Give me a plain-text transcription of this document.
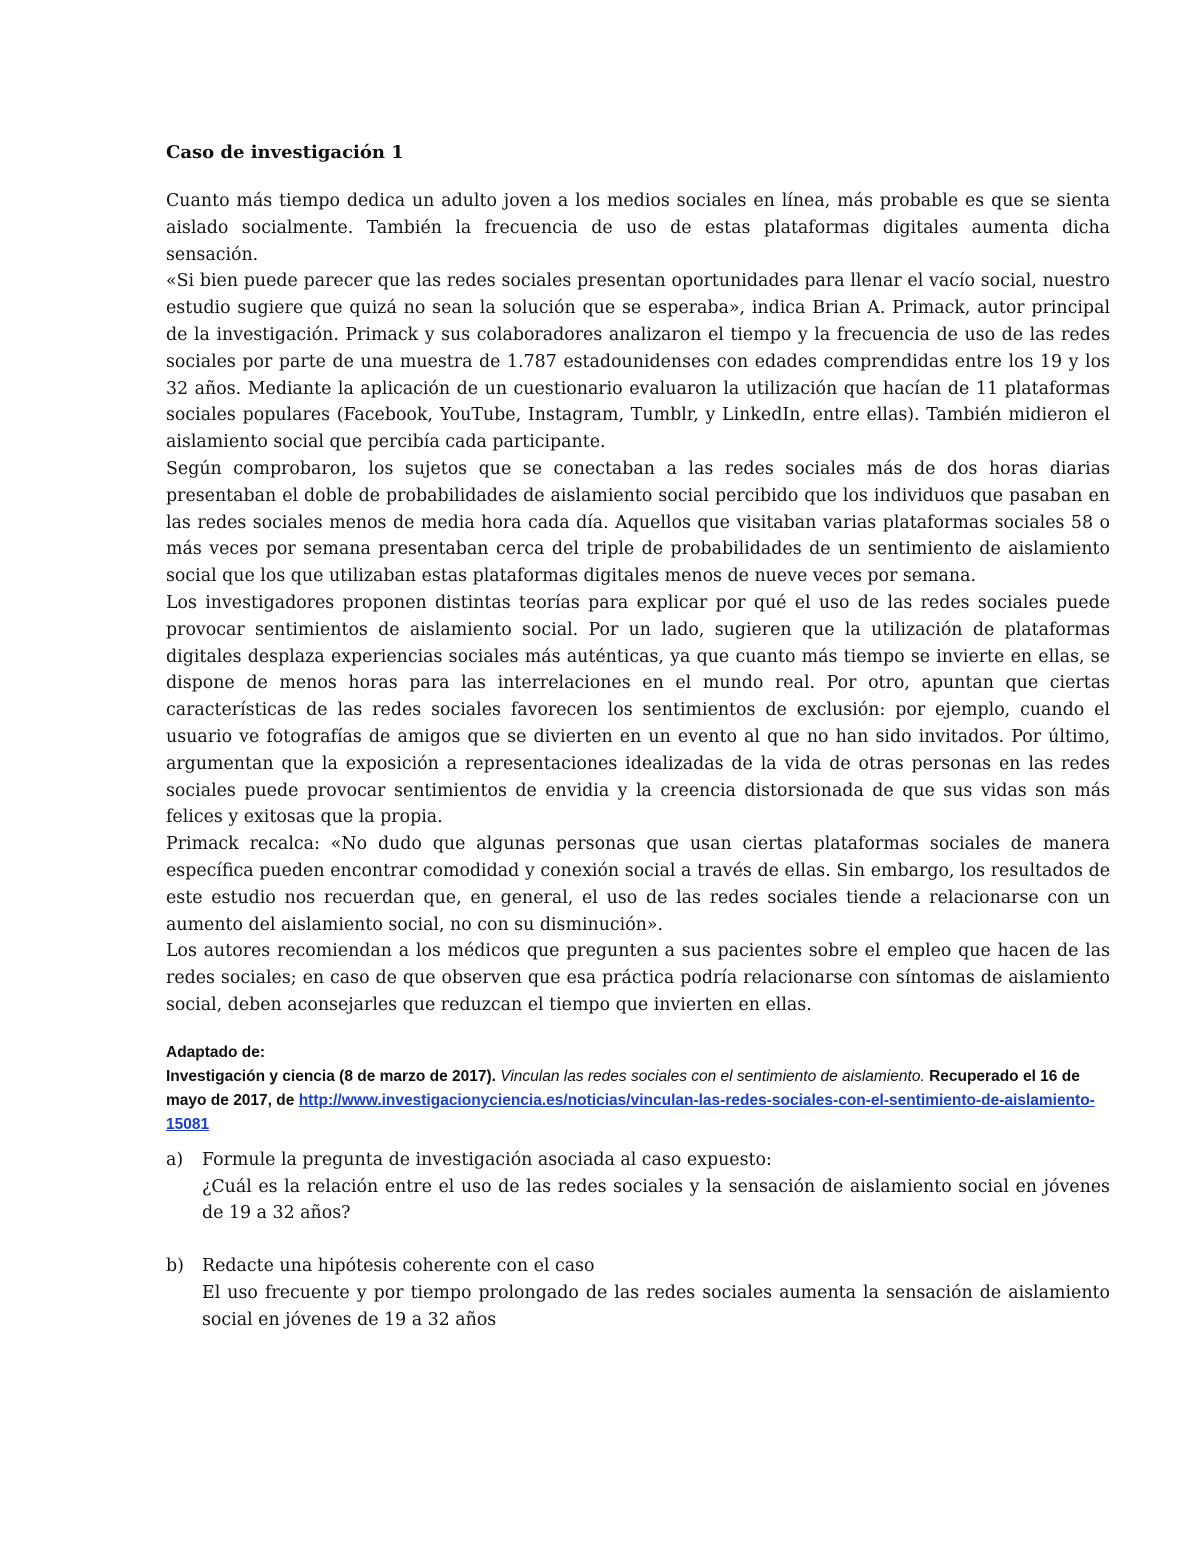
Caso de investigación 1

Cuanto más tiempo dedica un adulto joven a los medios sociales en línea, más probable es que se sienta aislado socialmente. También la frecuencia de uso de estas plataformas digitales aumenta dicha sensación.

«Si bien puede parecer que las redes sociales presentan oportunidades para llenar el vacío social, nuestro estudio sugiere que quizá no sean la solución que se esperaba», indica Brian A. Primack, autor principal de la investigación. Primack y sus colaboradores analizaron el tiempo y la frecuencia de uso de las redes sociales por parte de una muestra de 1.787 estadounidenses con edades comprendidas entre los 19 y los 32 años. Mediante la aplicación de un cuestionario evaluaron la utilización que hacían de 11 plataformas sociales populares (Facebook, YouTube, Instagram, Tumblr, y LinkedIn, entre ellas). También midieron el aislamiento social que percibía cada participante.

Según comprobaron, los sujetos que se conectaban a las redes sociales más de dos horas diarias presentaban el doble de probabilidades de aislamiento social percibido que los individuos que pasaban en las redes sociales menos de media hora cada día. Aquellos que visitaban varias plataformas sociales 58 o más veces por semana presentaban cerca del triple de probabilidades de un sentimiento de aislamiento social que los que utilizaban estas plataformas digitales menos de nueve veces por semana.

Los investigadores proponen distintas teorías para explicar por qué el uso de las redes sociales puede provocar sentimientos de aislamiento social. Por un lado, sugieren que la utilización de plataformas digitales desplaza experiencias sociales más auténticas, ya que cuanto más tiempo se invierte en ellas, se dispone de menos horas para las interrelaciones en el mundo real. Por otro, apuntan que ciertas características de las redes sociales favorecen los sentimientos de exclusión: por ejemplo, cuando el usuario ve fotografías de amigos que se divierten en un evento al que no han sido invitados. Por último, argumentan que la exposición a representaciones idealizadas de la vida de otras personas en las redes sociales puede provocar sentimientos de envidia y la creencia distorsionada de que sus vidas son más felices y exitosas que la propia.

Primack recalca: «No dudo que algunas personas que usan ciertas plataformas sociales de manera específica pueden encontrar comodidad y conexión social a través de ellas. Sin embargo, los resultados de este estudio nos recuerdan que, en general, el uso de las redes sociales tiende a relacionarse con un aumento del aislamiento social, no con su disminución».

Los autores recomiendan a los médicos que pregunten a sus pacientes sobre el empleo que hacen de las redes sociales; en caso de que observen que esa práctica podría relacionarse con síntomas de aislamiento social, deben aconsejarles que reduzcan el tiempo que invierten en ellas.

Adaptado de:

Investigación y ciencia (8 de marzo de 2017). Vinculan las redes sociales con el sentimiento de aislamiento. Recuperado el 16 de mayo de 2017, de http://www.investigacionyciencia.es/noticias/vinculan-las-redes-sociales-con-el-sentimiento-de-aislamiento-15081

a)	Formule la pregunta de investigación asociada al caso expuesto:

¿Cuál es la relación entre el uso de las redes sociales y la sensación de aislamiento social en jóvenes de 19 a 32 años?

b)	Redacte una hipótesis coherente con el caso

El uso frecuente y por tiempo prolongado de las redes sociales aumenta la sensación de aislamiento social en jóvenes de 19 a 32 años
